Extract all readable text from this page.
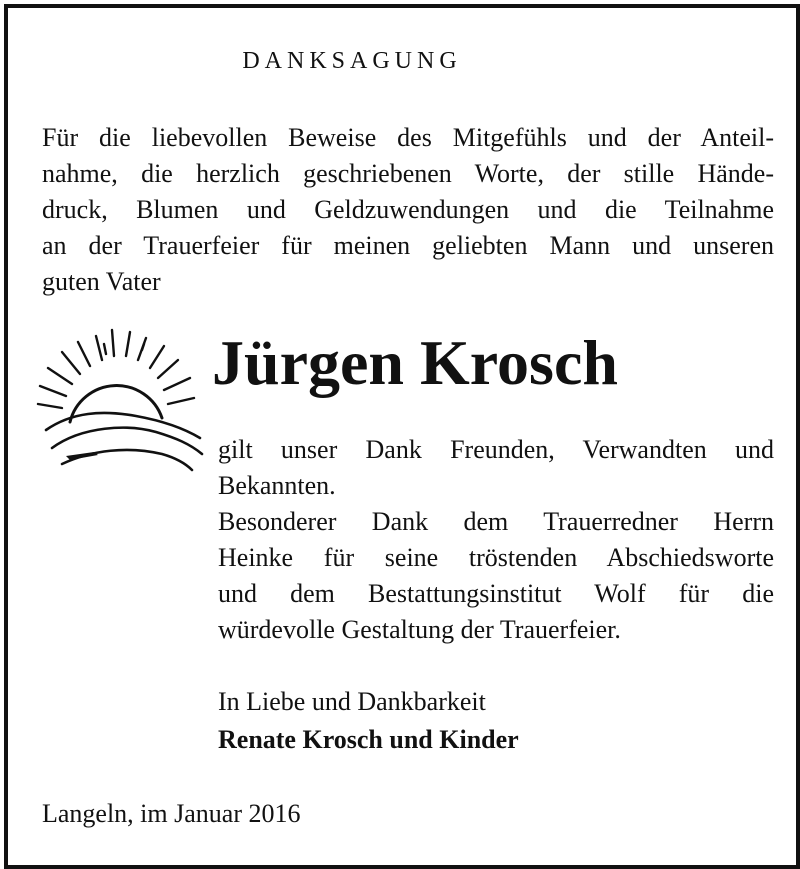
DANKSAGUNG
Für die liebevollen Beweise des Mitgefühls und der Anteil-
nahme, die herzlich geschriebenen Worte, der stille Hände-
druck, Blumen und Geldzuwendungen und die Teilnahme
an der Trauerfeier für meinen geliebten Mann und unseren
guten Vater
Jürgen Krosch
gilt unser Dank Freunden, Verwandten und
Bekannten.
Besonderer Dank dem Trauerredner Herrn
Heinke für seine tröstenden Abschiedsworte
und dem Bestattungsinstitut Wolf für die
würdevolle Gestaltung der Trauerfeier.
In Liebe und Dankbarkeit
Renate Krosch und Kinder
Langeln, im Januar 2016
